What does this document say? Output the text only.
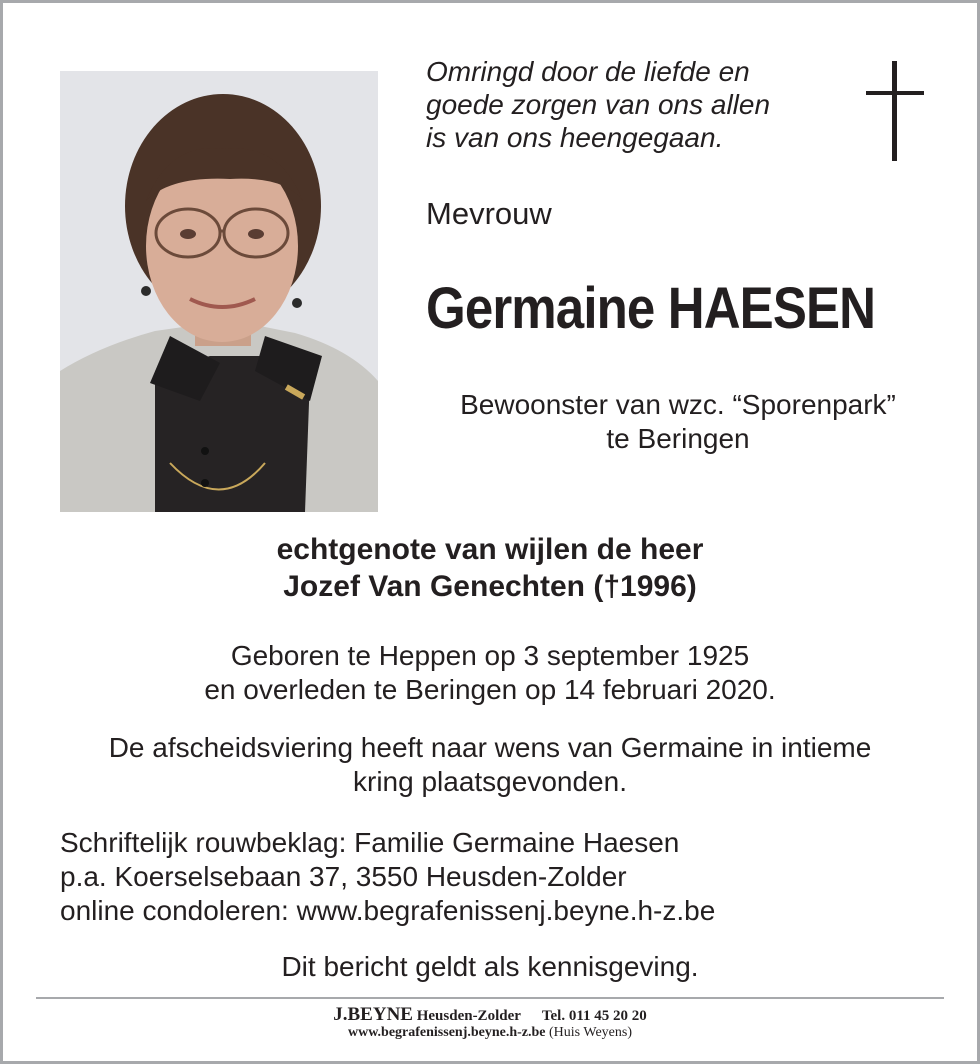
Omringd door de liefde en
goede zorgen van ons allen
is van ons heengegaan.
Mevrouw
Germaine HAESEN
Bewoonster van wzc. “Sporenpark”
te Beringen
echtgenote van wijlen de heer
Jozef Van Genechten (†1996)
Geboren te Heppen op 3 september 1925
en overleden te Beringen op 14 februari 2020.
De afscheidsviering heeft naar wens van Germaine in intieme
kring plaatsgevonden.
Schriftelijk rouwbeklag: Familie Germaine Haesen
p.a. Koerselsebaan 37, 3550 Heusden-Zolder
online condoleren: www.begrafenissenj.beyne.h-z.be
Dit bericht geldt als kennisgeving.
J.BEYNE Heusden-Zolder Tel. 011 45 20 20
www.begrafenissenj.beyne.h-z.be (Huis Weyens)
